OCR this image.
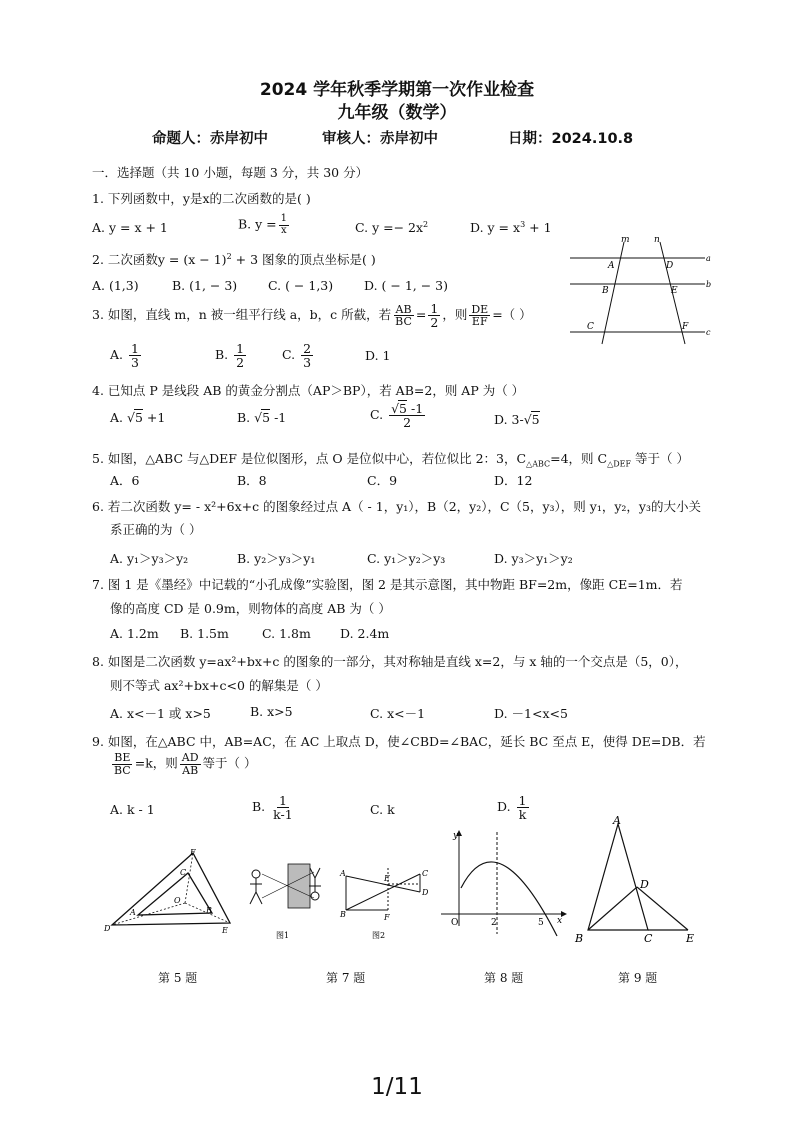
2024 学年秋季学期第一次作业检查
九年级（数学）
命题人：赤岸初中	审核人：赤岸初中	日期：2024.10.8
一．选择题（共 10 小题，每题 3 分，共 30 分）
1. 下列函数中，y是x的二次函数的是( )
A. y = x + 1	B. $y = \frac{1}{x}$	C. $y =- 2x^2$	D. $y = x^3 + 1$
2. 二次函数$y = (x - 1)^2 + 3$ 图象的顶点坐标是( )
A. (1,3)	B. (1, − 3) C. ( − 1,3) D. ( − 1, − 3)
m	n
a
b
c
A
B
C
D
E
F
3. 如图，直线 m，n 被一组平行线 a，b，c 所截，若 $\frac{AB}{BC} = \frac{1}{2}$ ，则 $\frac{DE}{EF}$ =（ ）
A. $\frac{1}{3}$	B. $\frac{1}{2}$	C. $\frac{2}{3}$	D. 1
4. 已知点 P 是线段 AB 的黄金分割点（AP＞BP），若 AB=2，则 AP 为（ ）
A. √5 +1	B. √5 -1	C. $\frac{√5 -1}{2}$	D. 3-√5
5. 如图，△ABC 与△DEF 是位似图形，点 O 是位似中心，若位似比 2：3，$C_{\triangle ABC}=4$，则 $C_{\triangle DEF}$ 等于（ ）
A．6	B．8	C．9	D．12
6. 若二次函数 y= - x²+6x+c 的图象经过点 A（ - 1，y₁），B（2，y₂），C（5，y₃），则 y₁，y₂，y₃的大小关
系正确的为（ ）
A. y₁＞y₃＞y₂	B. y₂＞y₃＞y₁	C. y₁＞y₂＞y₃	D. y₃＞y₁＞y₂
7. 图 1 是《墨经》中记载的“小孔成像”实验图，图 2 是其示意图，其中物距 BF=2m，像距 CE=1m．若
像的高度 CD 是 0.9m，则物体的高度 AB 为（ ）
A. 1.2m B. 1.5m	C. 1.8m D. 2.4m
8. 如图是二次函数 y=ax²+bx+c 的图象的一部分，其对称轴是直线 x=2，与 x 轴的一个交点是（5，0），
则不等式 ax²+bx+c<0 的解集是（ ）
A. x<－1 或 x>5	B. x>5	C. x<－1	D. －1<x<5
9. 如图，在△ABC 中，AB=AC，在 AC 上取点 D，使∠CBD=∠BAC，延长 BC 至点 E，使得 DE=DB．若
$\frac{BE}{BC} =k$，则 $\frac{AD}{AB}$ 等于（ ）
A. k - 1	B. $\frac{1}{k-1}$	C. k	D. $\frac{1}{k}$
F
C
O
A	B
D	E
图1
A
B
C
D
E
F
图2
y
O	2	5 x
A
B	C
D
E
第 5 题	第 7 题	第 8 题	第 9 题
1/11
